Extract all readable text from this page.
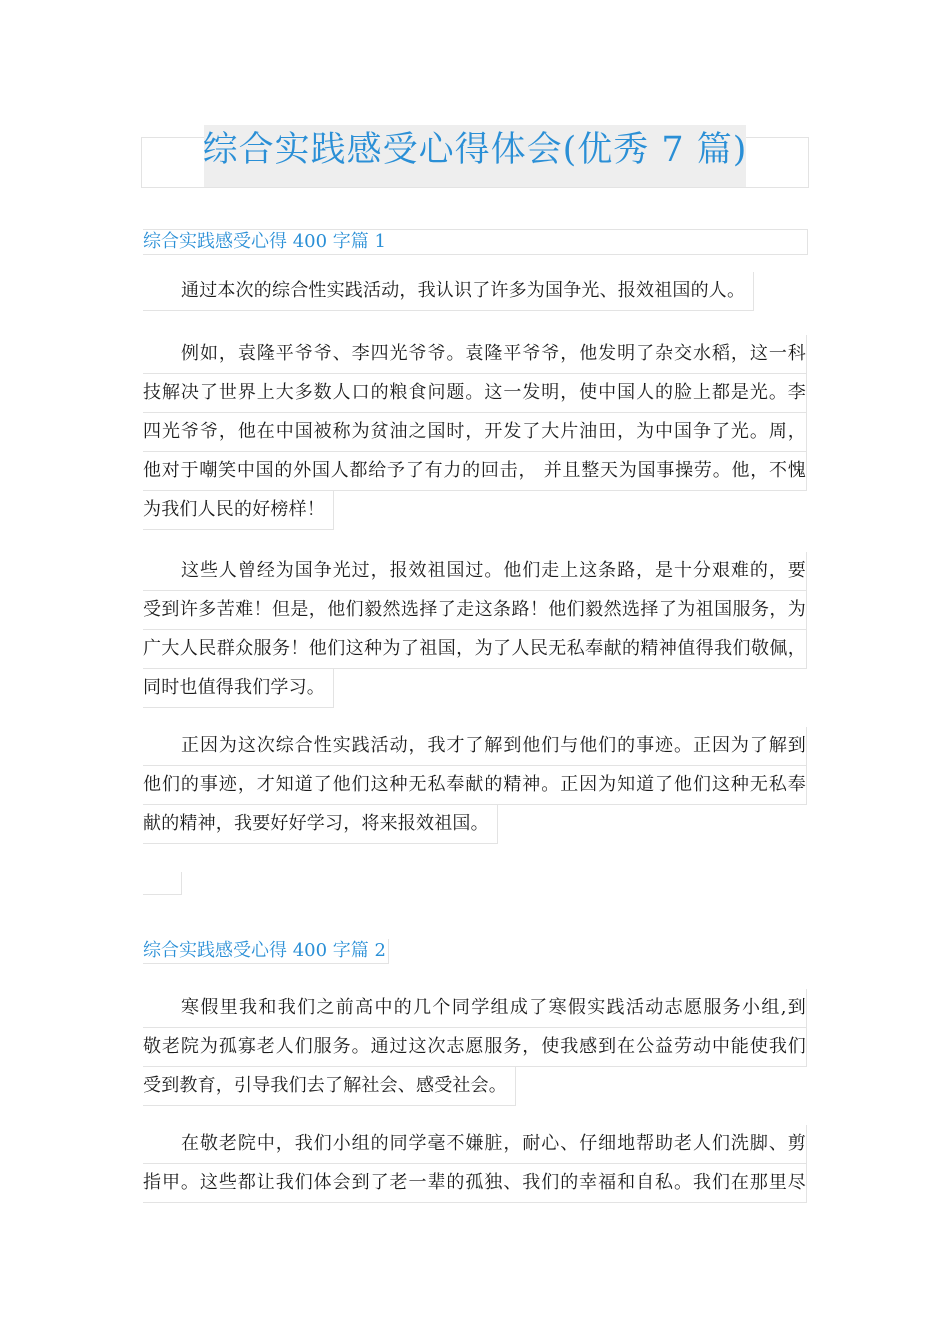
综合实践感受心得体会(优秀 7 篇)
综合实践感受心得 400 字篇 1
通过本次的综合性实践活动，我认识了许多为国争光、报效祖国的人。
例如，袁隆平爷爷、李四光爷爷。袁隆平爷爷，他发明了杂交水稻，这一科
技解决了世界上大多数人口的粮食问题。这一发明，使中国人的脸上都是光。李
四光爷爷，他在中国被称为贫油之国时，开发了大片油田，为中国争了光。周，
他对于嘲笑中国的外国人都给予了有力的回击， 并且整天为国事操劳。他，不愧
为我们人民的好榜样！
这些人曾经为国争光过，报效祖国过。他们走上这条路，是十分艰难的，要
受到许多苦难！但是，他们毅然选择了走这条路！他们毅然选择了为祖国服务，为
广大人民群众服务！他们这种为了祖国，为了人民无私奉献的精神值得我们敬佩，
同时也值得我们学习。
正因为这次综合性实践活动，我才了解到他们与他们的事迹。正因为了解到
他们的事迹，才知道了他们这种无私奉献的精神。正因为知道了他们这种无私奉
献的精神，我要好好学习，将来报效祖国。
综合实践感受心得 400 字篇 2
寒假里我和我们之前高中的几个同学组成了寒假实践活动志愿服务小组,到
敬老院为孤寡老人们服务。通过这次志愿服务，使我感到在公益劳动中能使我们
受到教育，引导我们去了解社会、感受社会。
在敬老院中，我们小组的同学毫不嫌脏，耐心、仔细地帮助老人们洗脚、剪
指甲。这些都让我们体会到了老一辈的孤独、我们的幸福和自私。我们在那里尽
